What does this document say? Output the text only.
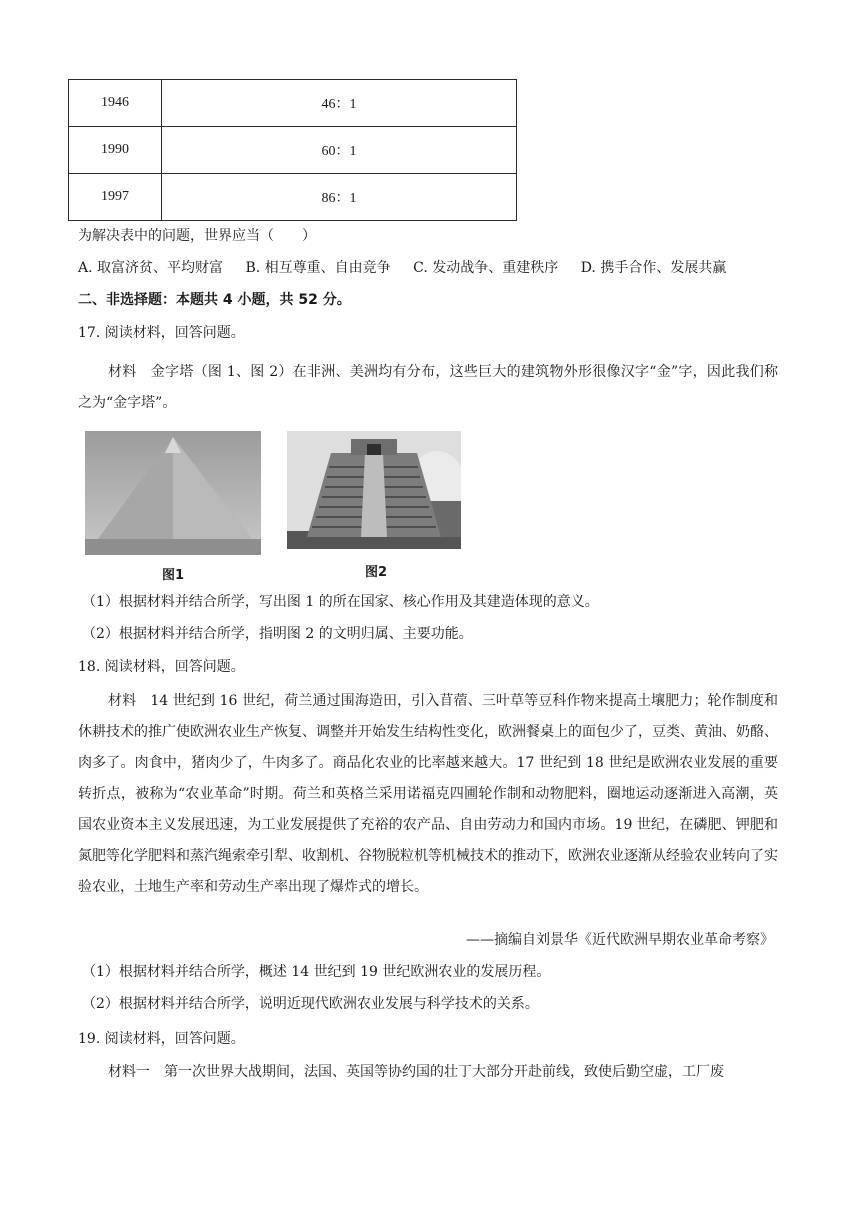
1946	46：1
1990	60：1
1997	86：1
为解决表中的问题，世界应当（　　）
A. 取富济贫、平均财富 B. 相互尊重、自由竞争 C. 发动战争、重建秩序 D. 携手合作、发展共赢
二、非选择题：本题共 4 小题，共 52 分。
17. 阅读材料，回答问题。
材料　金字塔（图 1、图 2）在非洲、美洲均有分布，这些巨大的建筑物外形很像汉字“金”字，因此我们称之为“金字塔”。
图1	图2
（1）根据材料并结合所学，写出图 1 的所在国家、核心作用及其建造体现的意义。
（2）根据材料并结合所学，指明图 2 的文明归属、主要功能。
18. 阅读材料，回答问题。
材料　14 世纪到 16 世纪，荷兰通过围海造田，引入苜蓿、三叶草等豆科作物来提高土壤肥力；轮作制度和休耕技术的推广使欧洲农业生产恢复、调整并开始发生结构性变化，欧洲餐桌上的面包少了，豆类、黄油、奶酪、肉多了。肉食中，猪肉少了，牛肉多了。商品化农业的比率越来越大。17 世纪到 18 世纪是欧洲农业发展的重要转折点，被称为“农业革命”时期。荷兰和英格兰采用诺福克四圃轮作制和动物肥料，圈地运动逐渐进入高潮，英国农业资本主义发展迅速，为工业发展提供了充裕的农产品、自由劳动力和国内市场。19 世纪，在磷肥、钾肥和氮肥等化学肥料和蒸汽绳索牵引犁、收割机、谷物脱粒机等机械技术的推动下，欧洲农业逐渐从经验农业转向了实验农业，土地生产率和劳动生产率出现了爆炸式的增长。
——摘编自刘景华《近代欧洲早期农业革命考察》
（1）根据材料并结合所学，概述 14 世纪到 19 世纪欧洲农业的发展历程。
（2）根据材料并结合所学，说明近现代欧洲农业发展与科学技术的关系。
19. 阅读材料，回答问题。
材料一　第一次世界大战期间，法国、英国等协约国的壮丁大部分开赴前线，致使后勤空虚，工厂废
